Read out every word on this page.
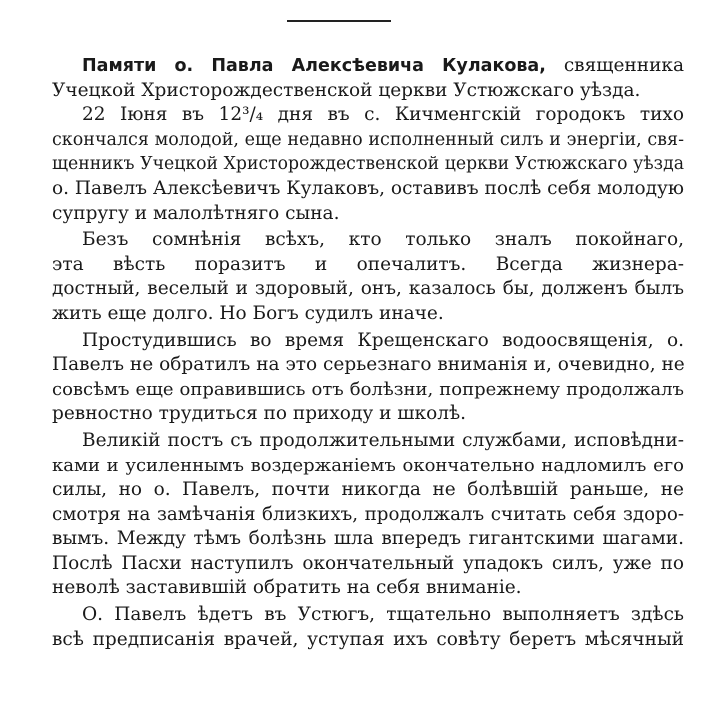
Памяти о. Павла Алексѣевича Кулакова, священника
Учецкой Христорождественской церкви Устюжскаго уѣзда.
22 Іюня въ 12³/₄ дня въ с. Кичменгскій городокъ тихо
скончался молодой, еще недавно исполненный силъ и энергіи, свя-
щенникъ Учецкой Христорождественской церкви Устюжскаго уѣзда
о. Павелъ Алексѣевичъ Кулаковъ, оставивъ послѣ себя молодую
супругу и малолѣтняго сына.
Безъ сомнѣнія всѣхъ, кто только зналъ покойнаго,
эта вѣсть поразитъ и опечалитъ. Всегда жизнера-
достный, веселый и здоровый, онъ, казалось бы, долженъ былъ
жить еще долго. Но Богъ судилъ иначе.
Простудившись во время Крещенскаго водоосвященія, о.
Павелъ не обратилъ на это серьезнаго вниманія и, очевидно, не
совсѣмъ еще оправившись отъ болѣзни, попрежнему продолжалъ
ревностно трудиться по приходу и школѣ.
Великій постъ съ продолжительными службами, исповѣдни-
ками и усиленнымъ воздержаніемъ окончательно надломилъ его
силы, но о. Павелъ, почти никогда не болѣвшій раньше, не
смотря на замѣчанія близкихъ, продолжалъ считать себя здоро-
вымъ. Между тѣмъ болѣзнь шла впередъ гигантскими шагами.
Послѣ Пасхи наступилъ окончательный упадокъ силъ, уже по
неволѣ заставившій обратить на себя вниманіе.
О. Павелъ ѣдетъ въ Устюгъ, тщательно выполняетъ здѣсь
всѣ предписанія врачей, уступая ихъ совѣту беретъ мѣсячный
